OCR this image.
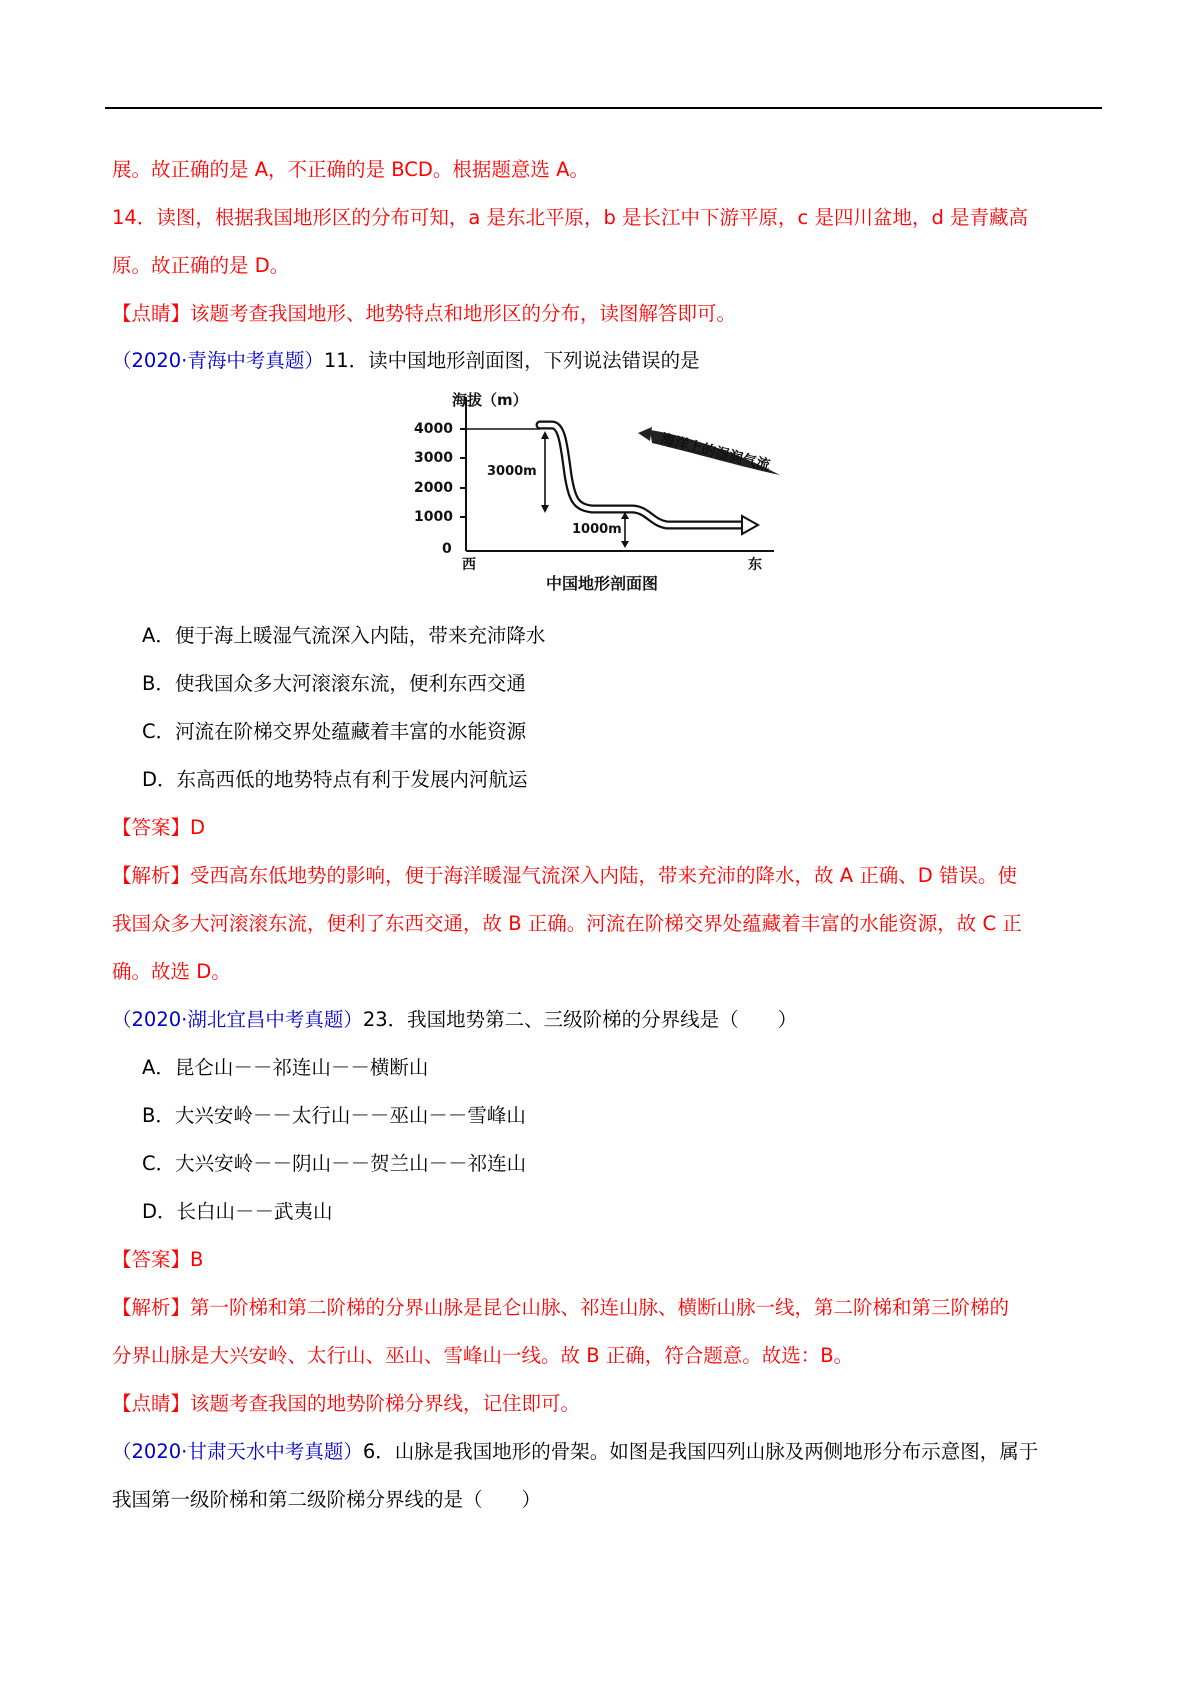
展。故正确的是 A，不正确的是 BCD。根据题意选 A。
14．读图，根据我国地形区的分布可知，a 是东北平原，b 是长江中下游平原，c 是四川盆地，d 是青藏高
原。故正确的是 D。
【点睛】该题考查我国地形、地势特点和地形区的分布，读图解答即可。
（2020·青海中考真题）11．读中国地形剖面图，下列说法错误的是
海拔（m）
4000
3000
2000
1000
0
3000m
1000m
海洋上的湿润气流
西	东
中国地形剖面图
A．便于海上暖湿气流深入内陆，带来充沛降水
B．使我国众多大河滚滚东流，便利东西交通
C．河流在阶梯交界处蕴藏着丰富的水能资源
D．东高西低的地势特点有利于发展内河航运
【答案】D
【解析】受西高东低地势的影响，便于海洋暖湿气流深入内陆，带来充沛的降水，故 A 正确、D 错误。使
我国众多大河滚滚东流，便利了东西交通，故 B 正确。河流在阶梯交界处蕴藏着丰富的水能资源，故 C 正
确。故选 D。
（2020·湖北宜昌中考真题）23．我国地势第二、三级阶梯的分界线是（　　）
A．昆仑山－－祁连山－－横断山
B．大兴安岭－－太行山－－巫山－－雪峰山
C．大兴安岭－－阴山－－贺兰山－－祁连山
D．长白山－－武夷山
【答案】B
【解析】第一阶梯和第二阶梯的分界山脉是昆仑山脉、祁连山脉、横断山脉一线，第二阶梯和第三阶梯的
分界山脉是大兴安岭、太行山、巫山、雪峰山一线。故 B 正确，符合题意。故选：B。
【点睛】该题考查我国的地势阶梯分界线，记住即可。
（2020·甘肃天水中考真题）6．山脉是我国地形的骨架。如图是我国四列山脉及两侧地形分布示意图，属于
我国第一级阶梯和第二级阶梯分界线的是（　　）
